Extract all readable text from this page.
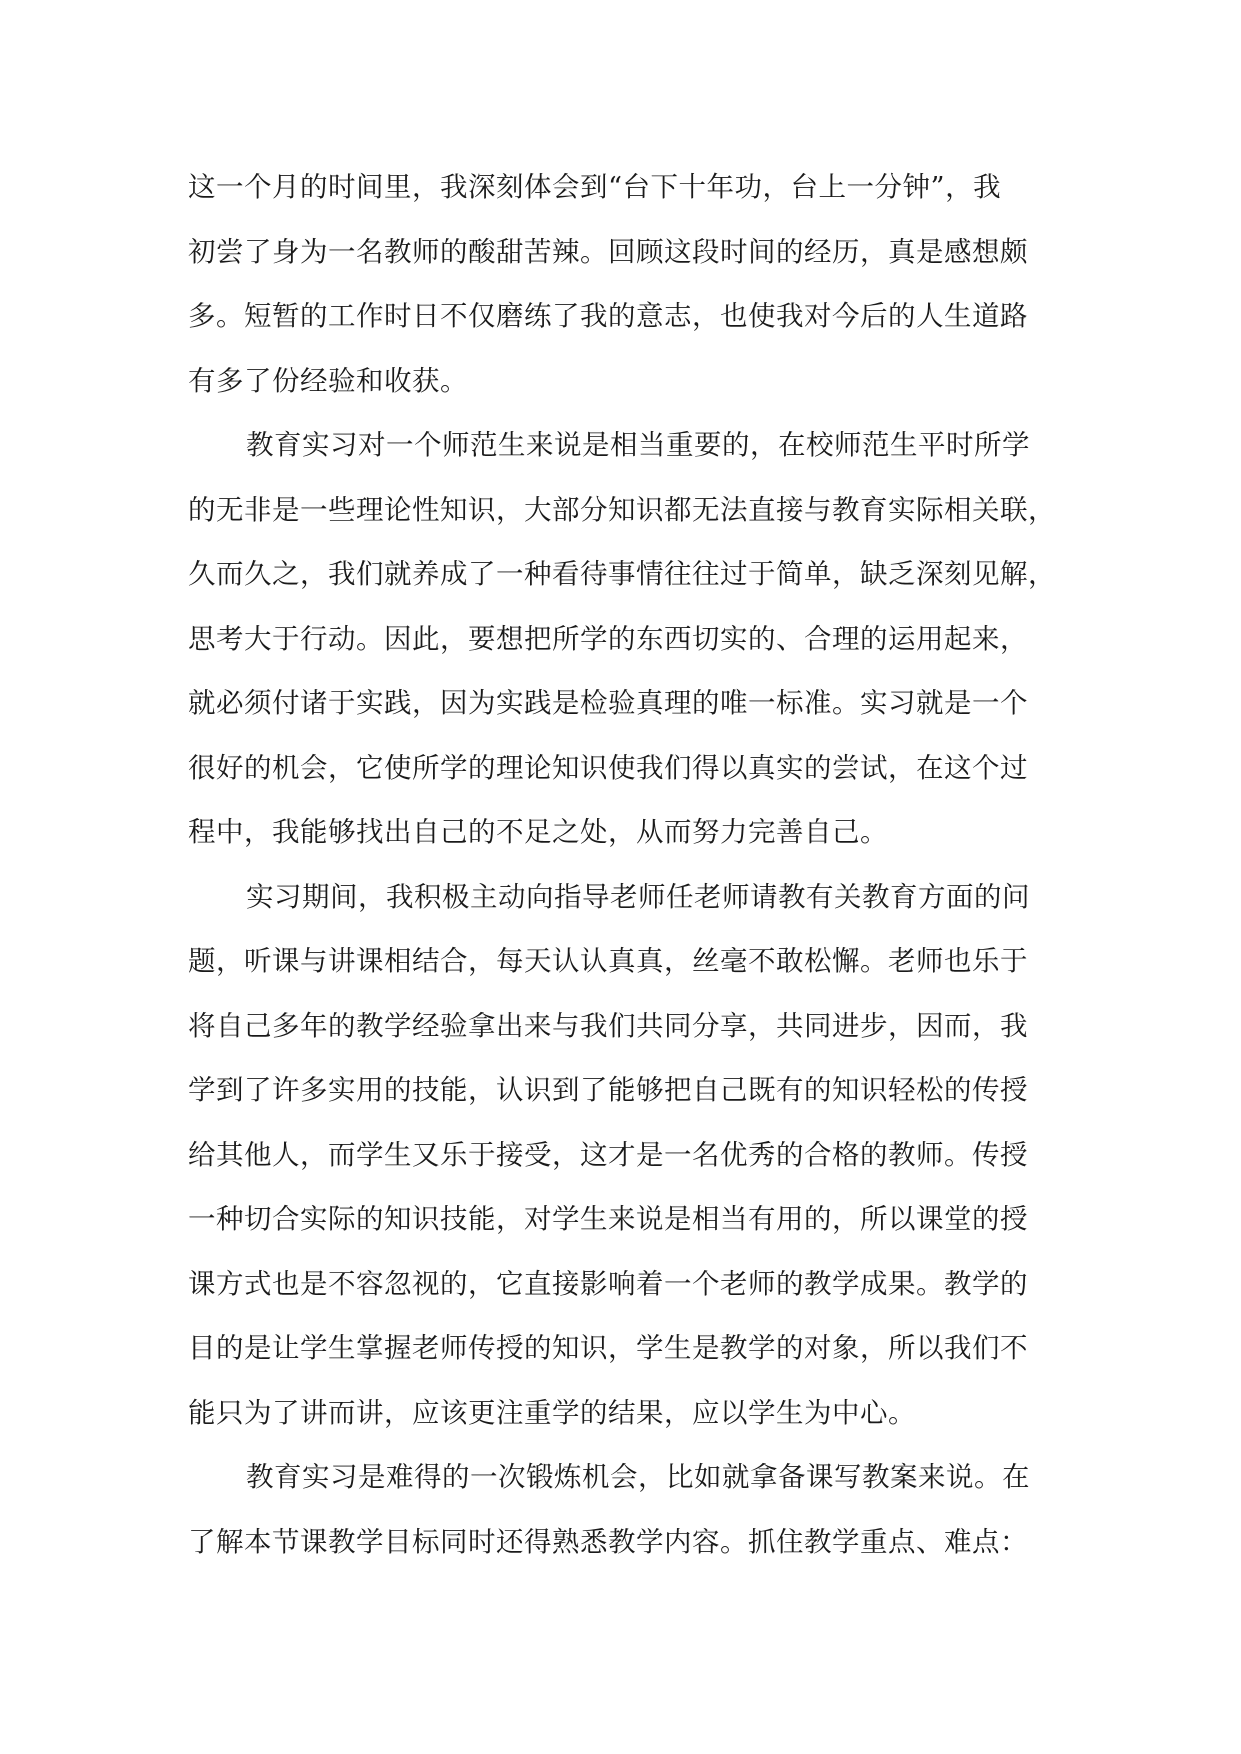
这一个月的时间里，我深刻体会到“台下十年功，台上一分钟”，我
初尝了身为一名教师的酸甜苦辣。回顾这段时间的经历，真是感想颇
多。短暂的工作时日不仅磨练了我的意志，也使我对今后的人生道路
有多了份经验和收获。
教育实习对一个师范生来说是相当重要的，在校师范生平时所学
的无非是一些理论性知识，大部分知识都无法直接与教育实际相关联，
久而久之，我们就养成了一种看待事情往往过于简单，缺乏深刻见解，
思考大于行动。因此，要想把所学的东西切实的、合理的运用起来，
就必须付诸于实践，因为实践是检验真理的唯一标准。实习就是一个
很好的机会，它使所学的理论知识使我们得以真实的尝试，在这个过
程中，我能够找出自己的不足之处，从而努力完善自己。
实习期间，我积极主动向指导老师任老师请教有关教育方面的问
题，听课与讲课相结合，每天认认真真，丝毫不敢松懈。老师也乐于
将自己多年的教学经验拿出来与我们共同分享，共同进步，因而，我
学到了许多实用的技能，认识到了能够把自己既有的知识轻松的传授
给其他人，而学生又乐于接受，这才是一名优秀的合格的教师。传授
一种切合实际的知识技能，对学生来说是相当有用的，所以课堂的授
课方式也是不容忽视的，它直接影响着一个老师的教学成果。教学的
目的是让学生掌握老师传授的知识，学生是教学的对象，所以我们不
能只为了讲而讲，应该更注重学的结果，应以学生为中心。
教育实习是难得的一次锻炼机会，比如就拿备课写教案来说。在
了解本节课教学目标同时还得熟悉教学内容。抓住教学重点、难点：
